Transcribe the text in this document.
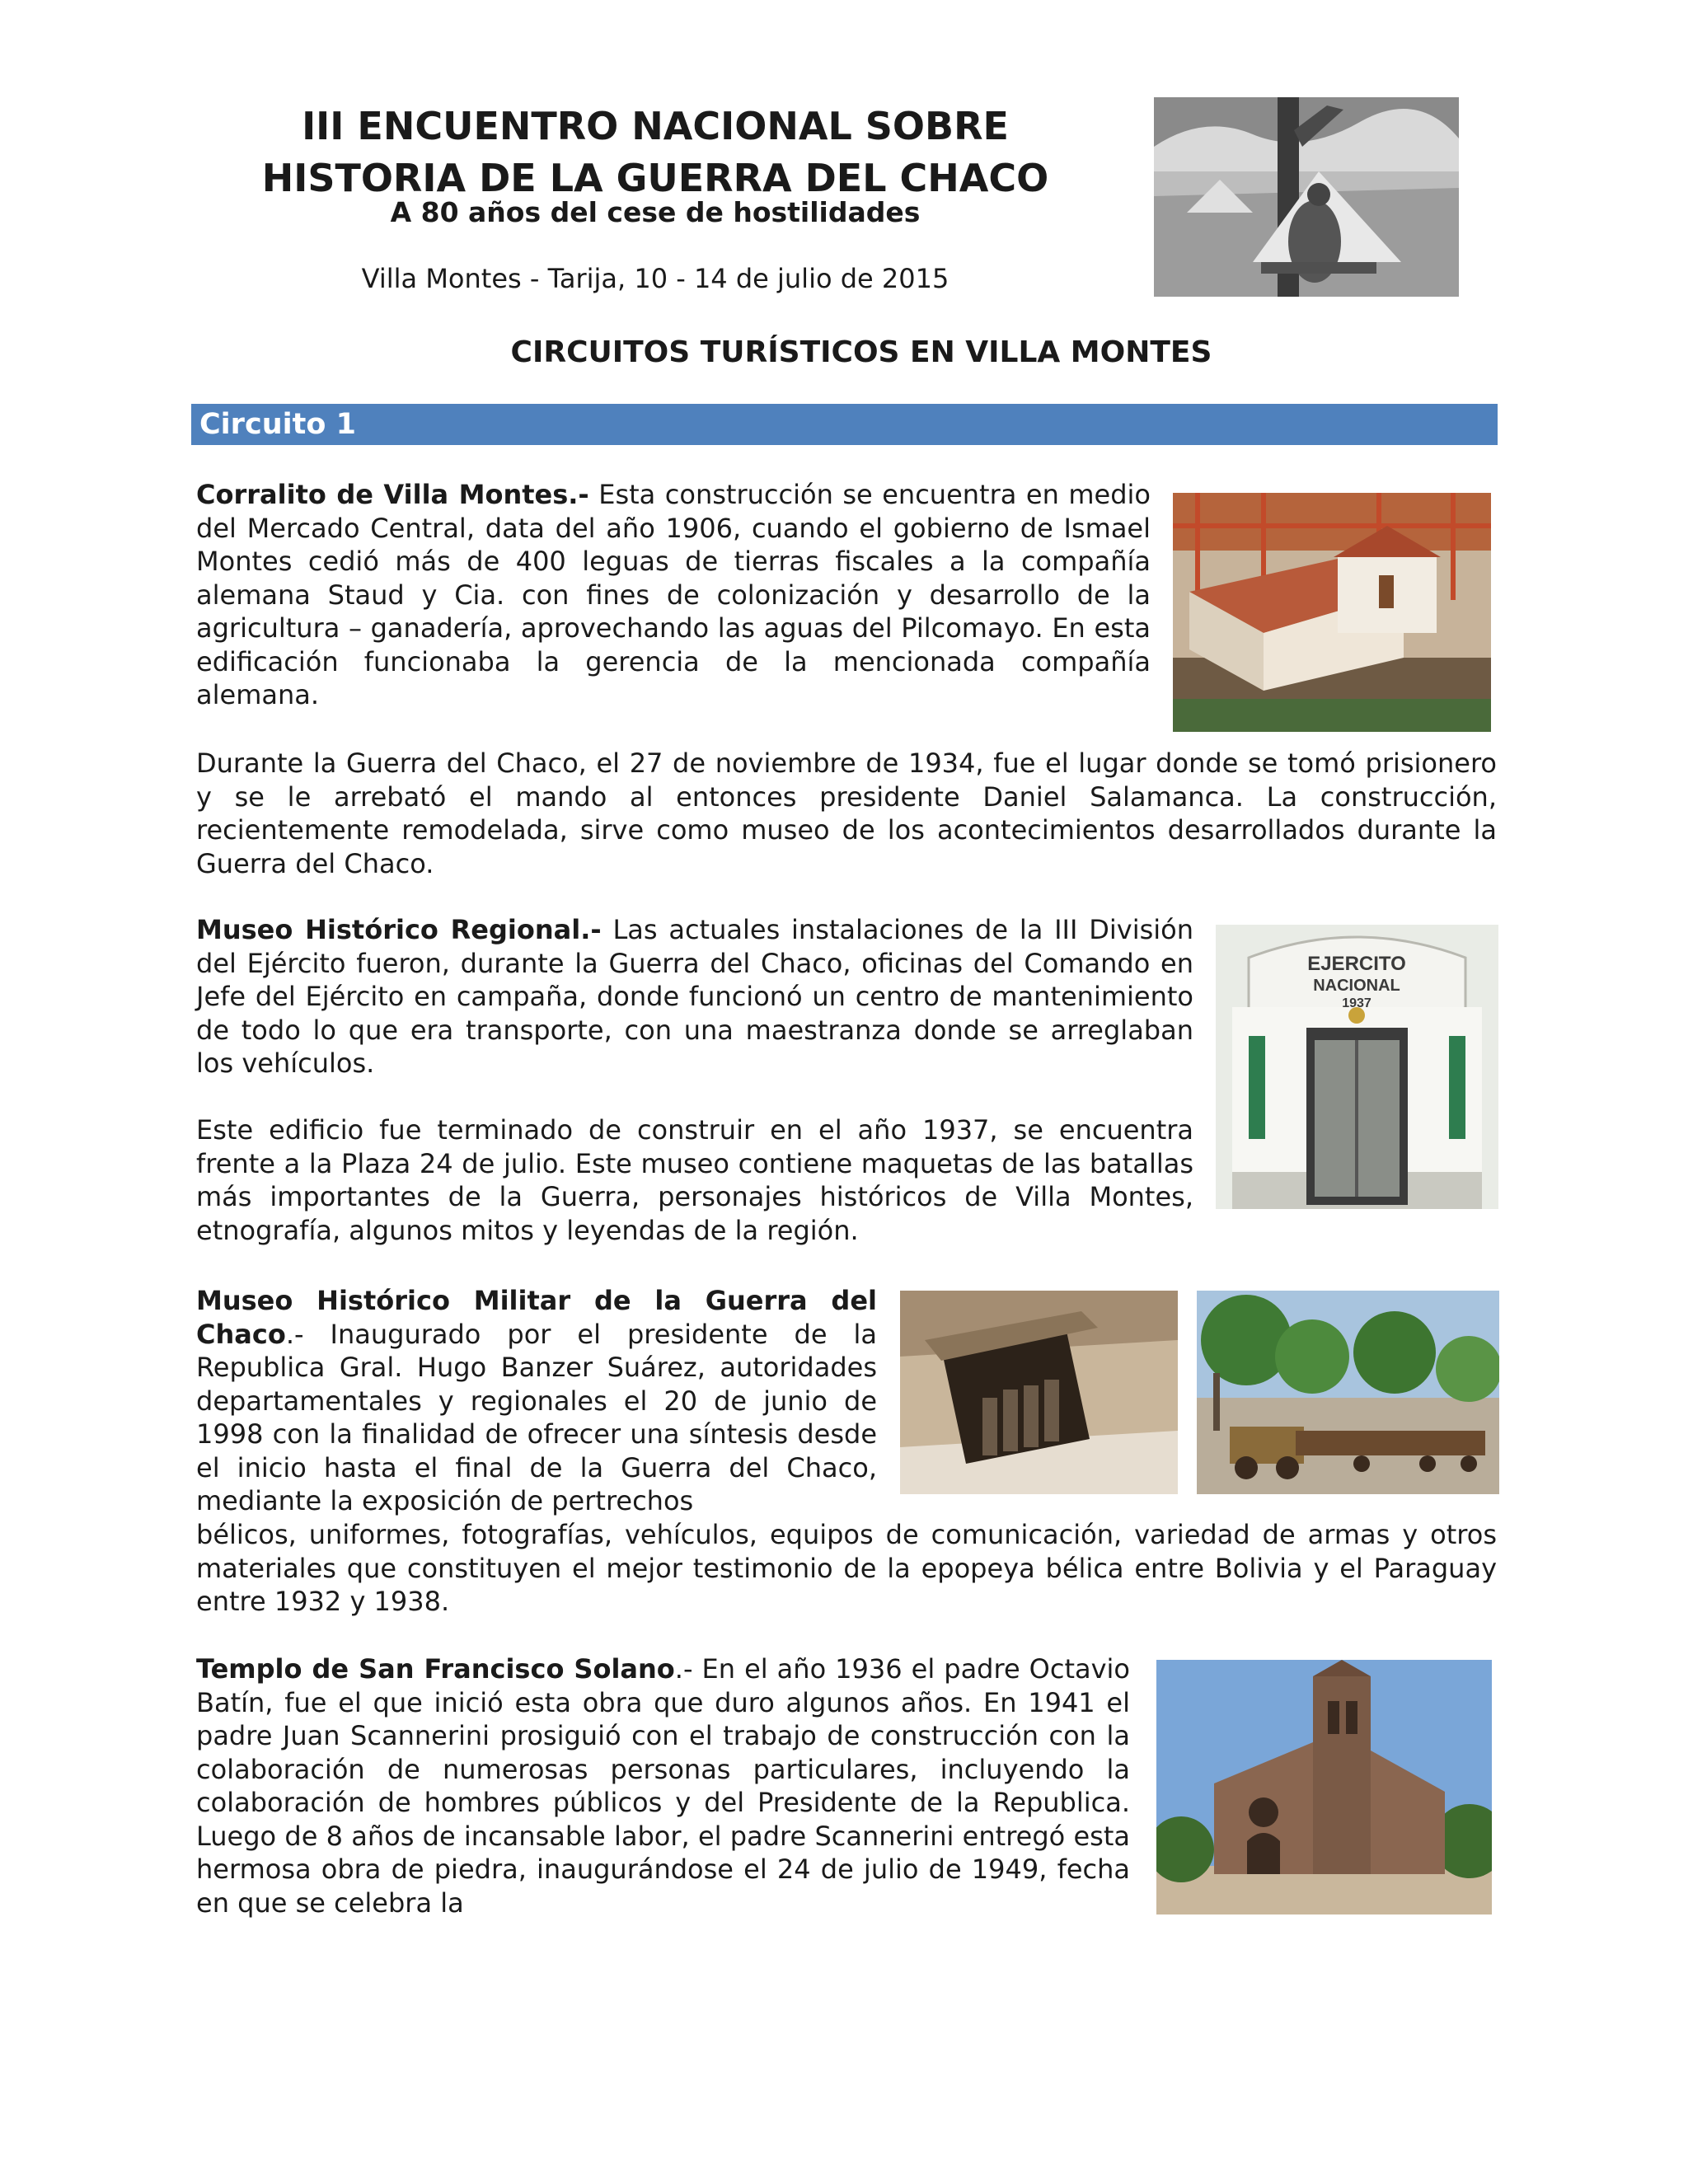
III ENCUENTRO NACIONAL SOBRE
HISTORIA DE LA GUERRA DEL CHACO
A 80 años del cese de hostilidades
Villa Montes - Tarija, 10 - 14 de julio de 2015
CIRCUITOS TURÍSTICOS EN VILLA MONTES
Circuito 1
Corralito de Villa Montes.- Esta construcción se encuentra en medio del Mercado Central, data del año 1906, cuando el gobierno de Ismael Montes cedió más de 400 leguas de tierras fiscales a la compañía alemana Staud y Cia. con fines de colonización y desarrollo de la agricultura – ganadería, aprovechando las aguas del Pilcomayo. En esta edificación funcionaba la gerencia de la mencionada compañía alemana.
Durante la Guerra del Chaco, el 27 de noviembre de 1934, fue el lugar donde se tomó prisionero y se le arrebató el mando al entonces presidente Daniel Salamanca. La construcción, recientemente remodelada, sirve como museo de los acontecimientos desarrollados durante la Guerra del Chaco.
Museo Histórico Regional.- Las actuales instalaciones de la III División del Ejército fueron, durante la Guerra del Chaco, oficinas del Comando en Jefe del Ejército en campaña, donde funcionó un centro de mantenimiento de todo lo que era transporte, con una maestranza donde se arreglaban los vehículos.
Este edificio fue terminado de construir en el año 1937, se encuentra frente a la Plaza 24 de julio. Este museo contiene maquetas de las batallas más importantes de la Guerra, personajes históricos de Villa Montes, etnografía, algunos mitos y leyendas de la región.
EJERCITO
NACIONAL
1937
Museo Histórico Militar de la Guerra del Chaco.- Inaugurado por el presidente de la Republica Gral. Hugo Banzer Suárez, autoridades departamentales y regionales el 20 de junio de 1998 con la finalidad de ofrecer una síntesis desde el inicio hasta el final de la Guerra del Chaco, mediante la exposición de pertrechos
bélicos, uniformes, fotografías, vehículos, equipos de comunicación, variedad de armas y otros materiales que constituyen el mejor testimonio de la epopeya bélica entre Bolivia y el Paraguay entre 1932 y 1938.
Templo de San Francisco Solano.- En el año 1936 el padre Octavio Batín, fue el que inició esta obra que duro algunos años. En 1941 el padre Juan Scannerini prosiguió con el trabajo de construcción con la colaboración de numerosas personas particulares, incluyendo la colaboración de hombres públicos y del Presidente de la Republica. Luego de 8 años de incansable labor, el padre Scannerini entregó esta hermosa obra de piedra, inaugurándose el 24 de julio de 1949, fecha en que se celebra la
